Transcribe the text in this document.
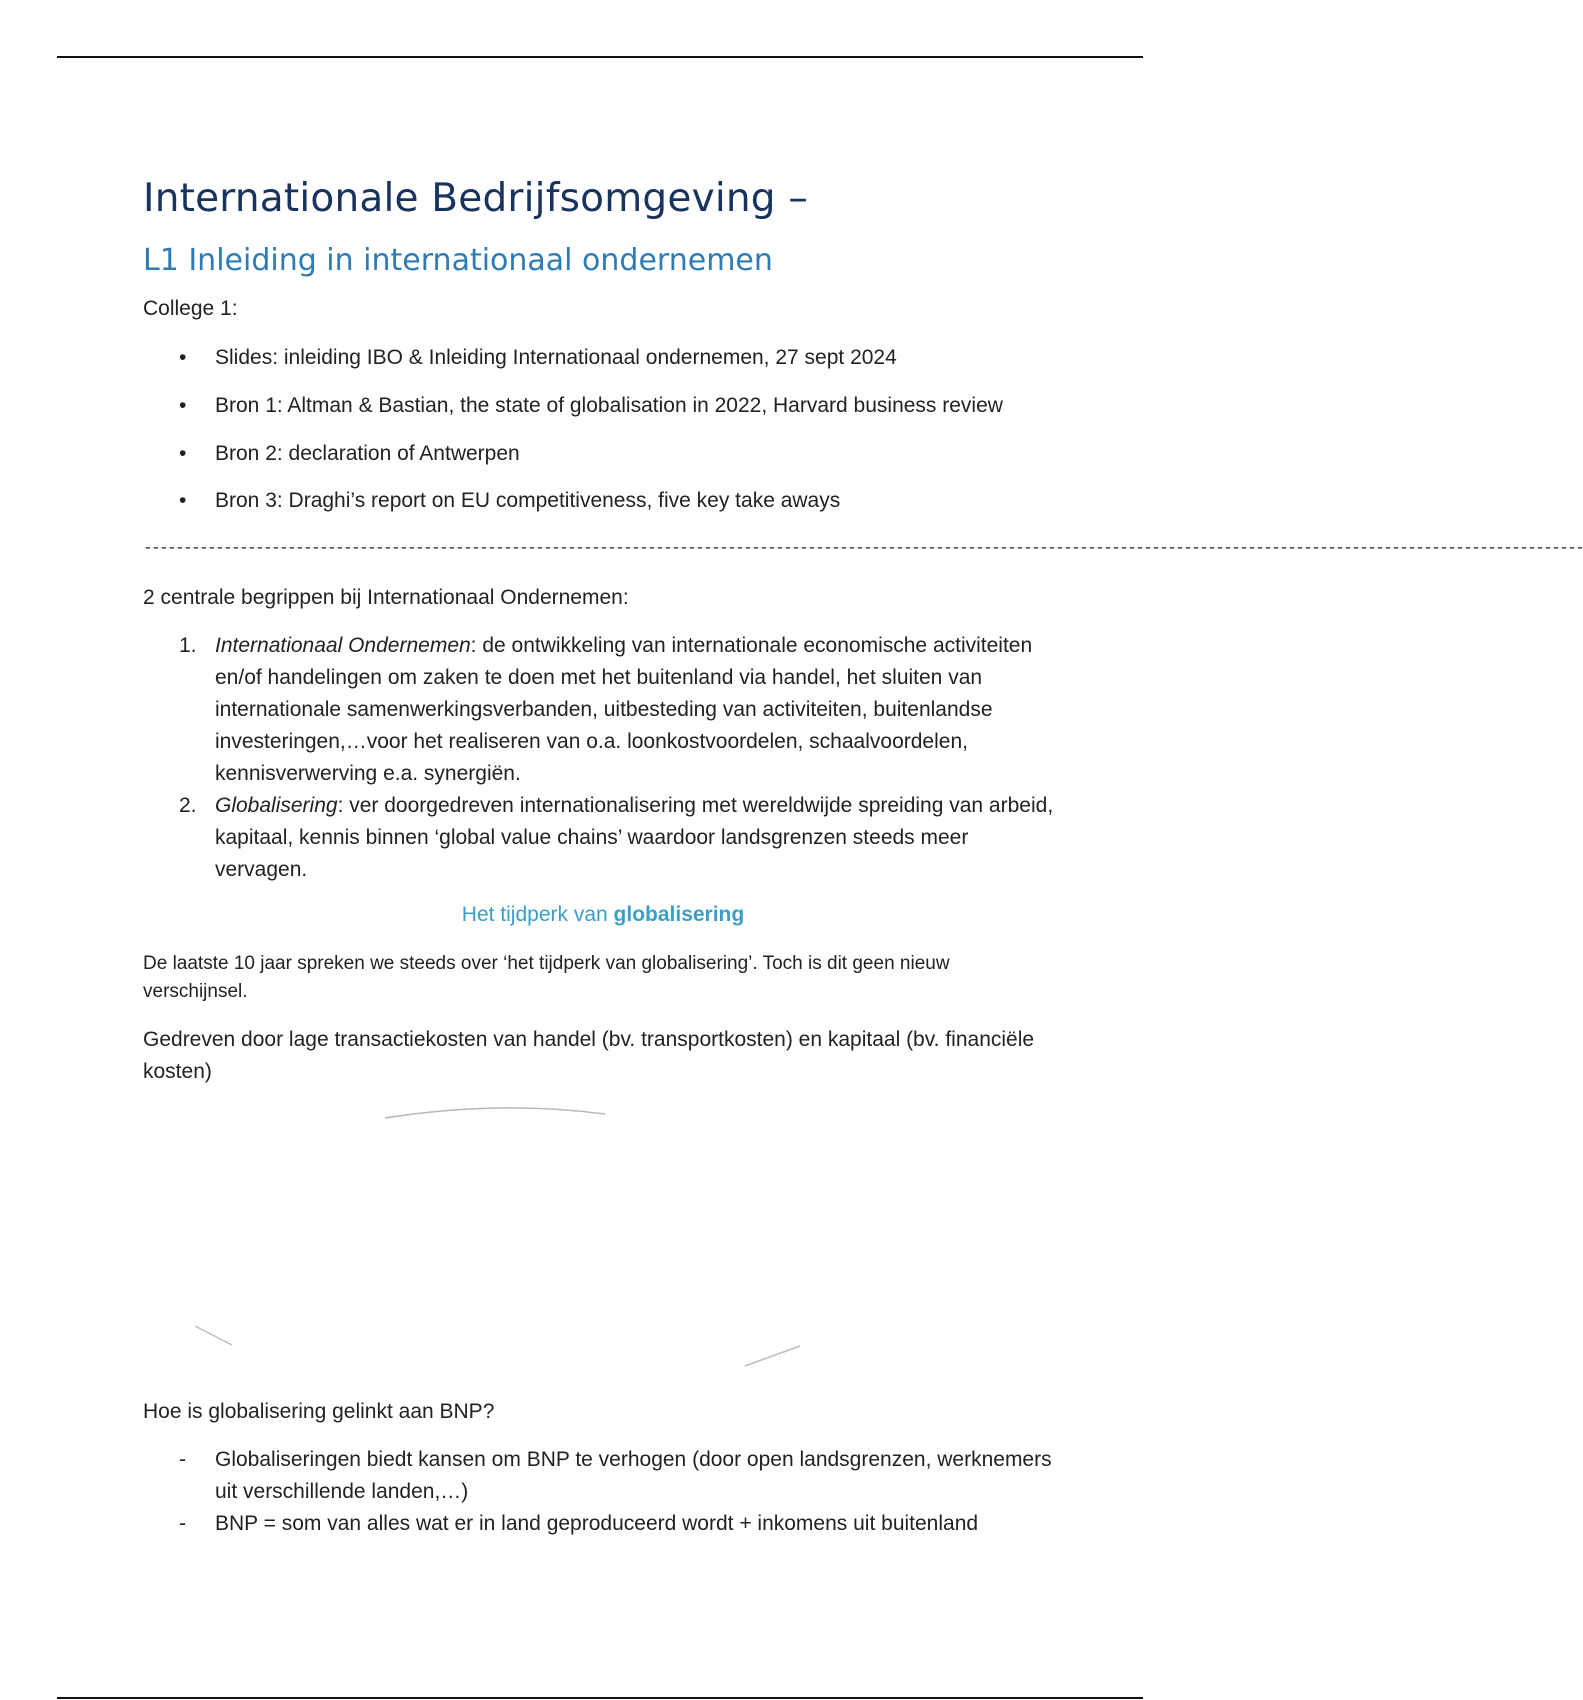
Internationale Bedrijfsomgeving –
L1 Inleiding in internationaal ondernemen
College 1:
• Slides: inleiding IBO & Inleiding Internationaal ondernemen, 27 sept 2024
• Bron 1: Altman & Bastian, the state of globalisation in 2022, Harvard business review
• Bron 2: declaration of Antwerpen
• Bron 3: Draghi’s report on EU competitiveness, five key take aways
------------------------------------------------------------------------------------------------------------------------------------------------------------------------------------
2 centrale begrippen bij Internationaal Ondernemen:
1. Internationaal Ondernemen: de ontwikkeling van internationale economische activiteiten en/of handelingen om zaken te doen met het buitenland via handel, het sluiten van internationale samenwerkingsverbanden, uitbesteding van activiteiten, buitenlandse investeringen,…voor het realiseren van o.a. loonkostvoordelen, schaalvoordelen, kennisverwerving e.a. synergiën.
2. Globalisering: ver doorgedreven internationalisering met wereldwijde spreiding van arbeid, kapitaal, kennis binnen ‘global value chains’ waardoor landsgrenzen steeds meer vervagen.
Het tijdperk van globalisering
De laatste 10 jaar spreken we steeds over ‘het tijdperk van globalisering’. Toch is dit geen nieuw verschijnsel.
Gedreven door lage transactiekosten van handel (bv. transportkosten) en kapitaal (bv. financiële kosten)
Hoe is globalisering gelinkt aan BNP?
- Globaliseringen biedt kansen om BNP te verhogen (door open landsgrenzen, werknemers uit verschillende landen,…)
- BNP = som van alles wat er in land geproduceerd wordt + inkomens uit buitenland
